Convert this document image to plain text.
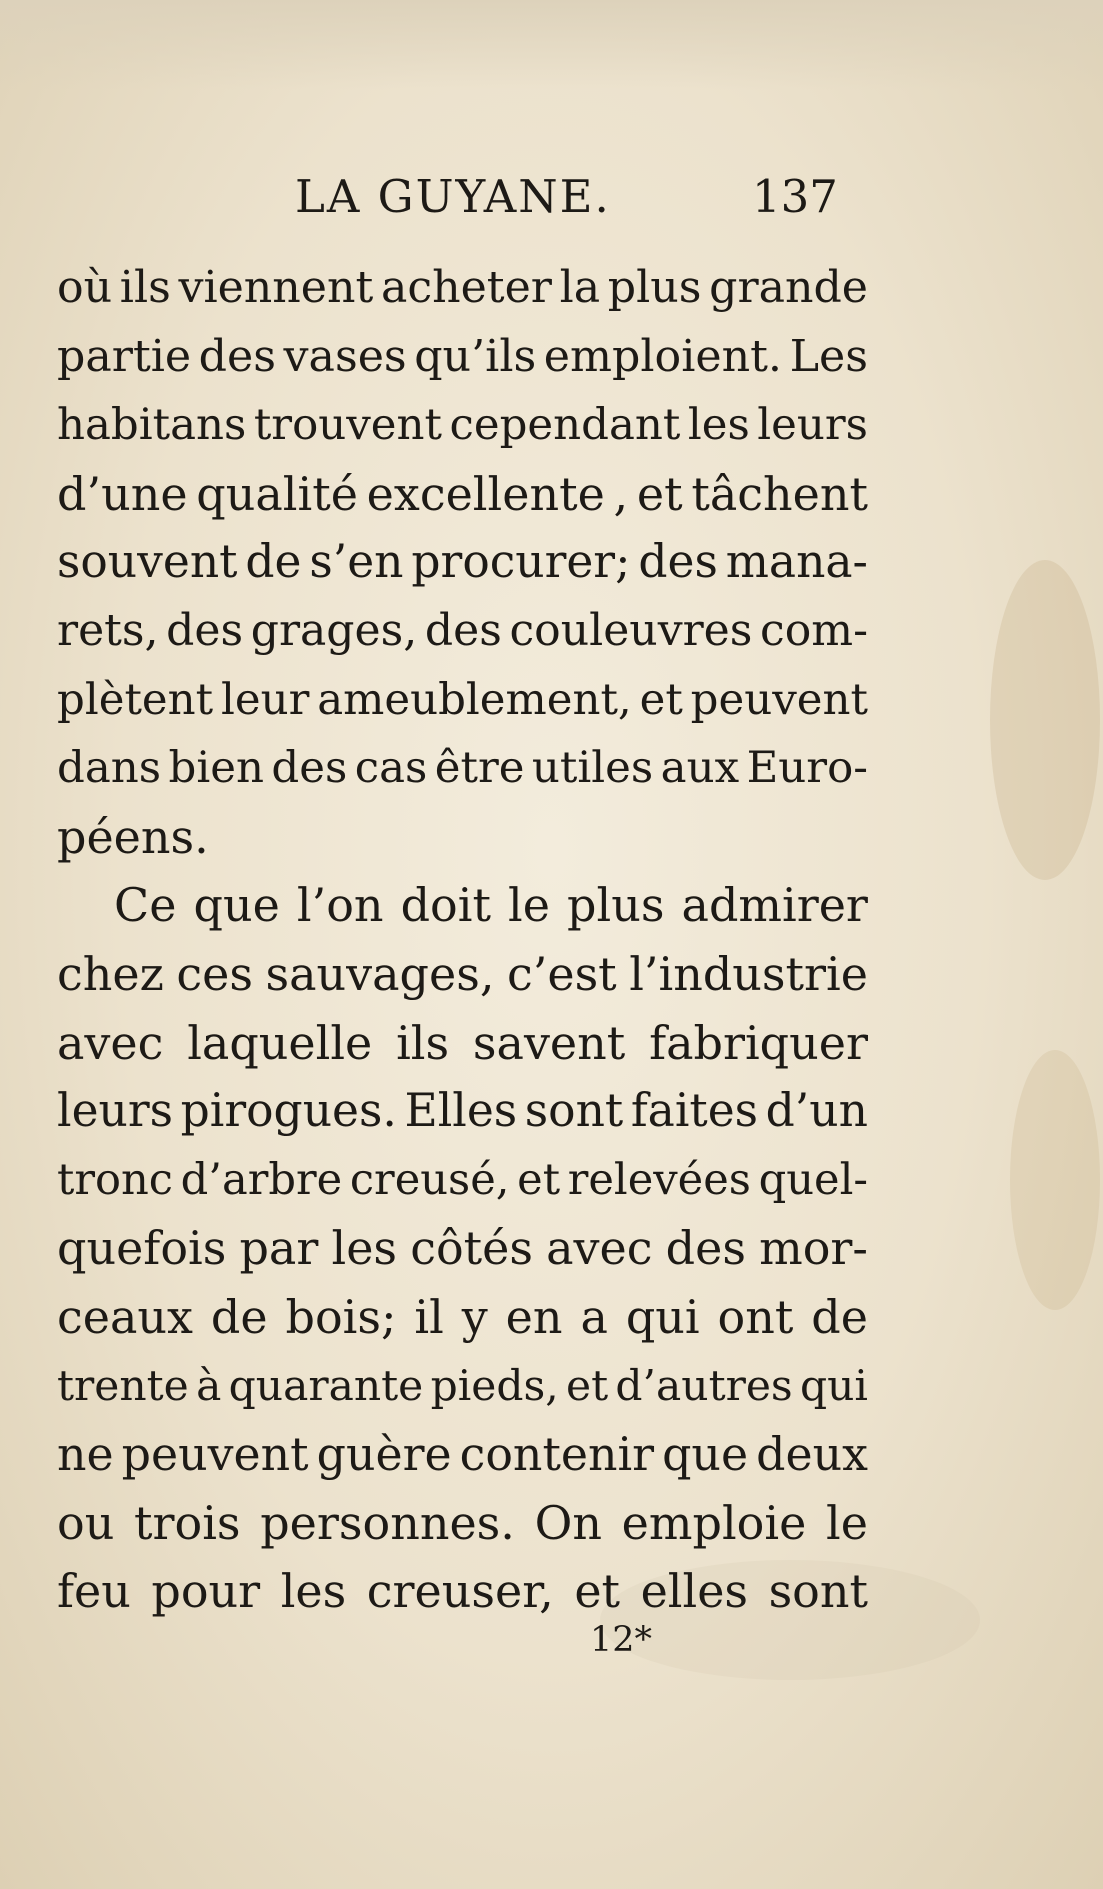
LA GUYANE.	137
où ils viennent acheter la plus grande
partie des vases qu’ils emploient. Les
habitans trouvent cependant les leurs
d’une qualité excellente , et tâchent
souvent de s’en procurer; des mana-
rets, des grages, des couleuvres com-
plètent leur ameublement, et peuvent
dans bien des cas être utiles aux Euro-
péens.
Ce que l’on doit le plus admirer
chez ces sauvages, c’est l’industrie
avec laquelle ils savent fabriquer
leurs pirogues. Elles sont faites d’un
tronc d’arbre creusé, et relevées quel-
quefois par les côtés avec des mor-
ceaux de bois; il y en a qui ont de
trente à quarante pieds, et d’autres qui
ne peuvent guère contenir que deux
ou trois personnes. On emploie le
feu pour les creuser, et elles sont
12*
